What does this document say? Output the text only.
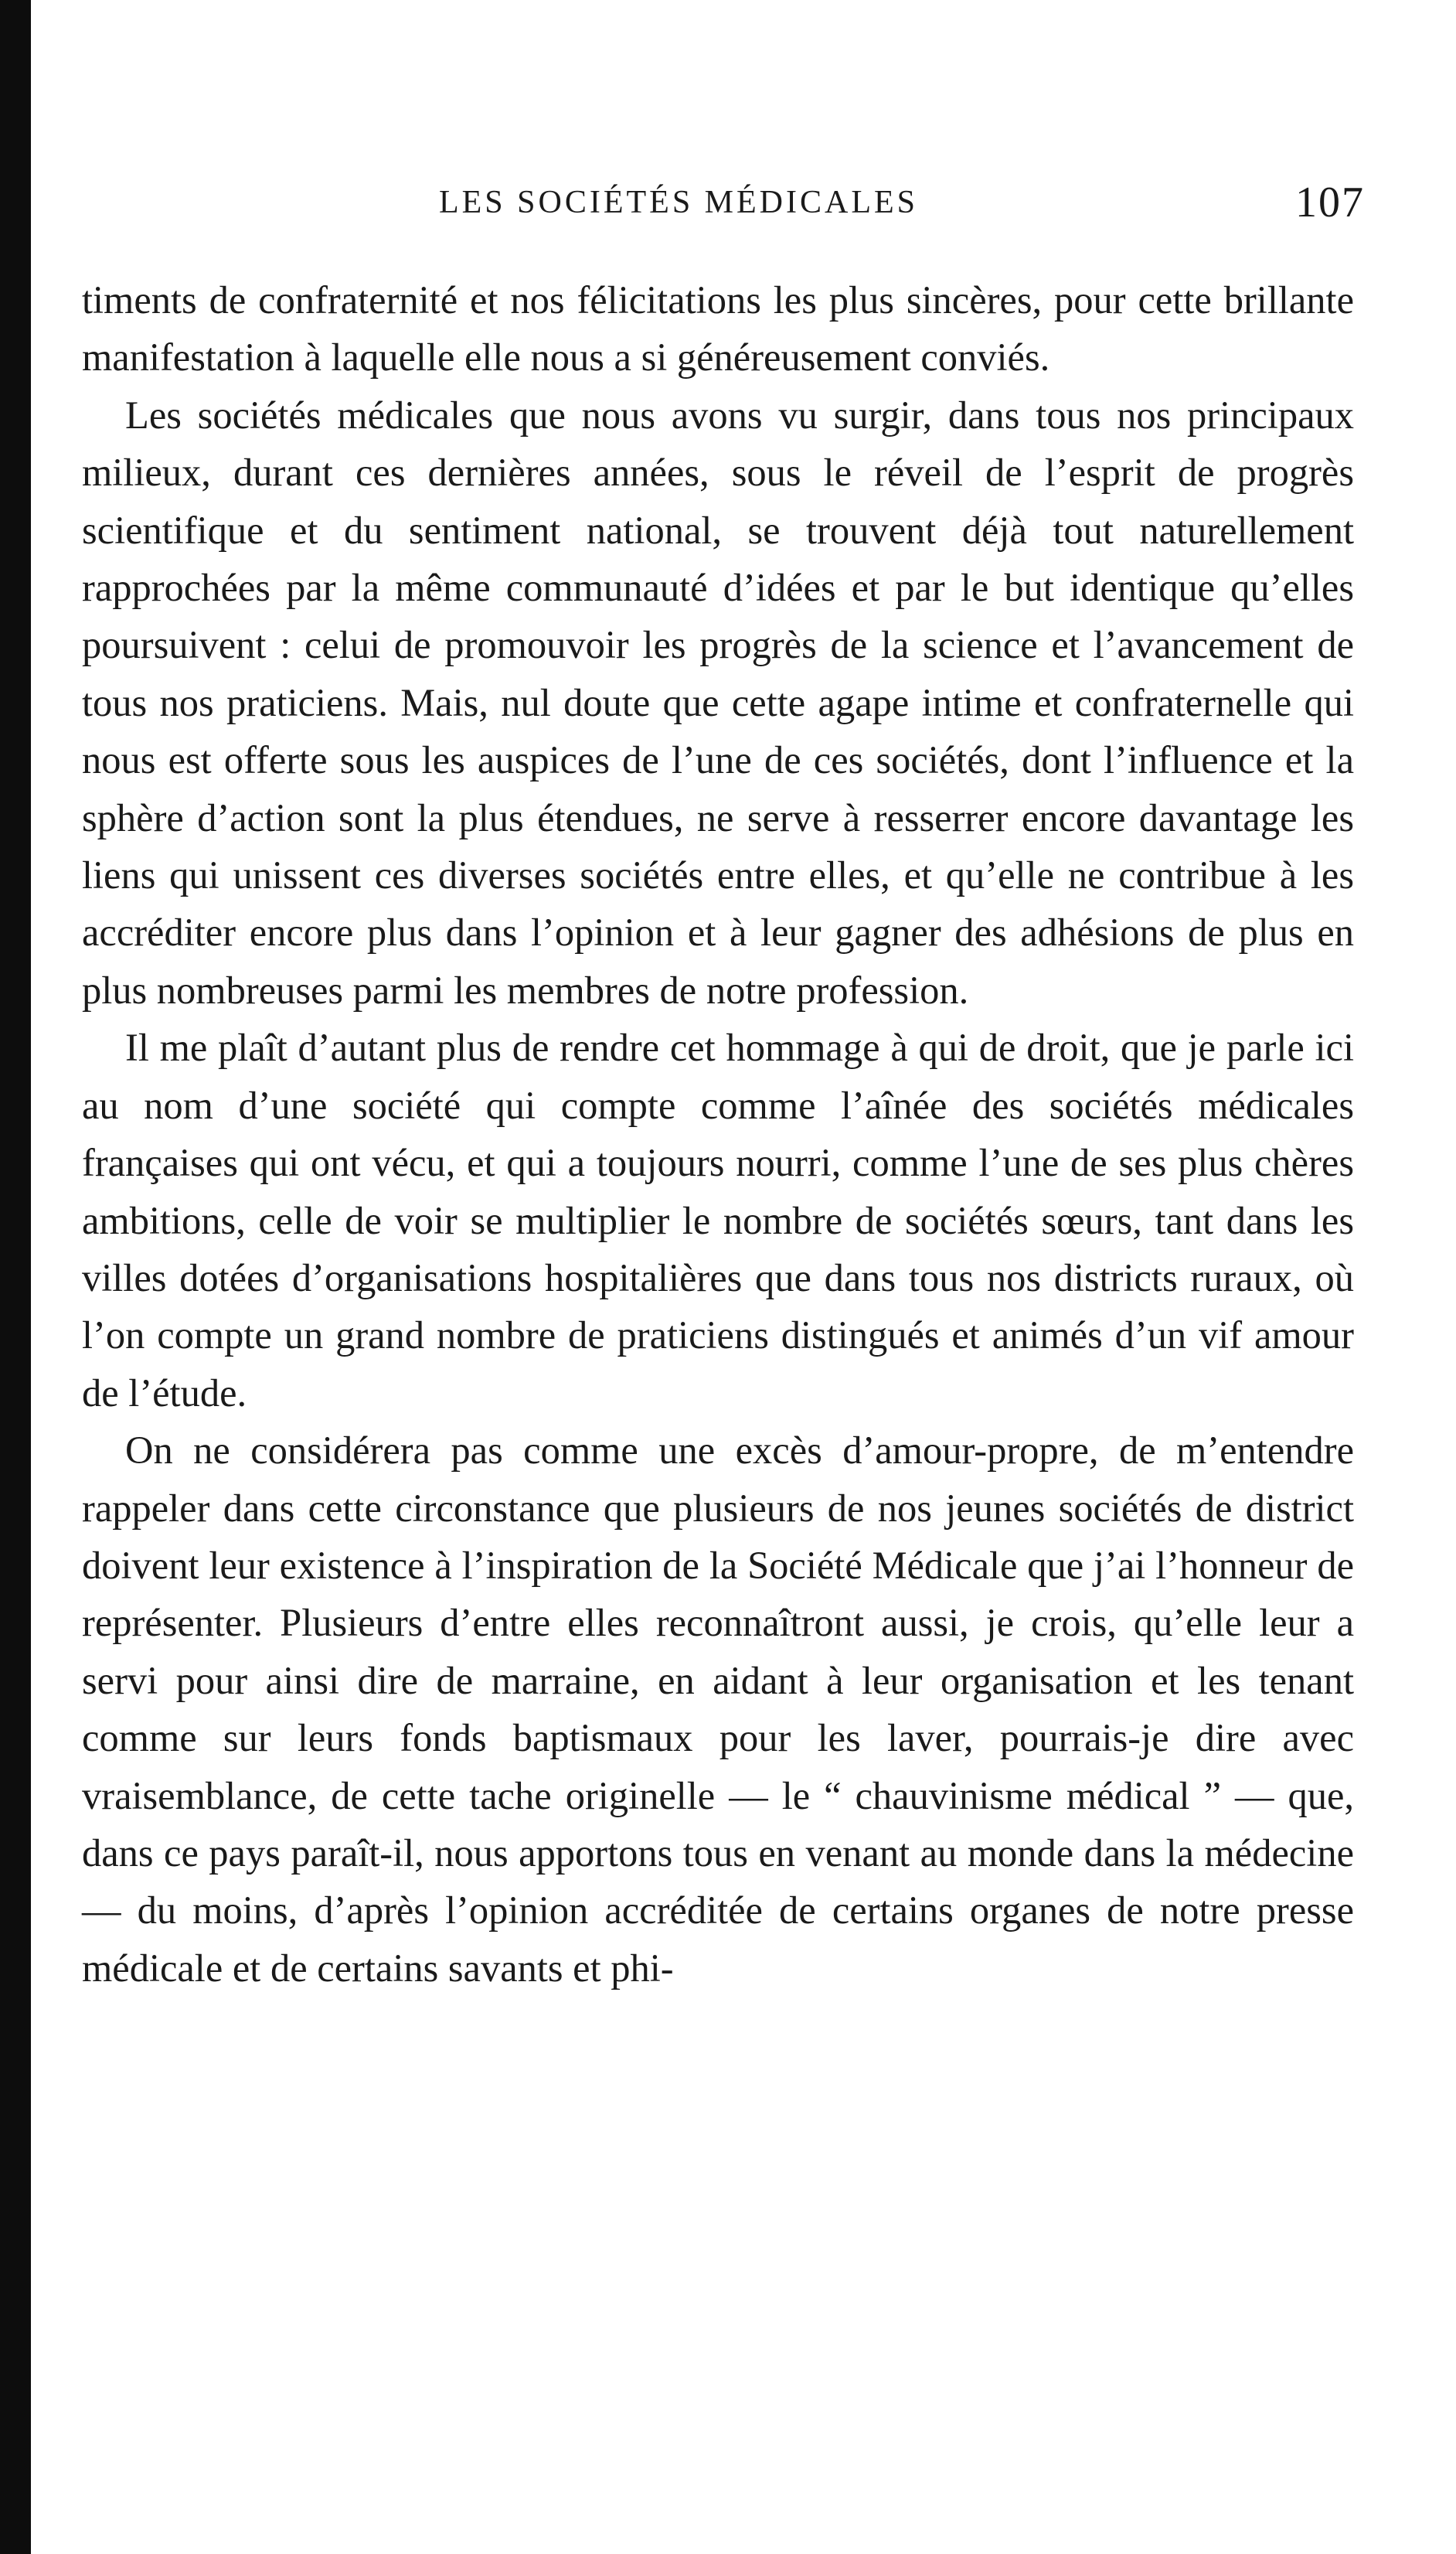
LES SOCIÉTÉS MÉDICALES	107

timents de confraternité et nos félicitations les plus sincères, pour cette brillante manifestation à laquelle elle nous a si généreusement conviés.

Les sociétés médicales que nous avons vu surgir, dans tous nos principaux milieux, durant ces dernières années, sous le réveil de l’esprit de progrès scientifique et du sentiment national, se trouvent déjà tout naturellement rapprochées par la même communauté d’idées et par le but identique qu’elles poursuivent : celui de promouvoir les progrès de la science et l’avancement de tous nos praticiens. Mais, nul doute que cette agape intime et confraternelle qui nous est offerte sous les auspices de l’une de ces sociétés, dont l’influence et la sphère d’action sont la plus étendues, ne serve à resserrer encore davantage les liens qui unissent ces diverses sociétés entre elles, et qu’elle ne contribue à les accréditer encore plus dans l’opinion et à leur gagner des adhésions de plus en plus nombreuses parmi les membres de notre profession.

Il me plaît d’autant plus de rendre cet hommage à qui de droit, que je parle ici au nom d’une société qui compte comme l’aînée des sociétés médicales françaises qui ont vécu, et qui a toujours nourri, comme l’une de ses plus chères ambitions, celle de voir se multiplier le nombre de sociétés sœurs, tant dans les villes dotées d’organisations hospitalières que dans tous nos districts ruraux, où l’on compte un grand nombre de praticiens distingués et animés d’un vif amour de l’étude.

On ne considérera pas comme une excès d’amour-propre, de m’entendre rappeler dans cette circonstance que plusieurs de nos jeunes sociétés de district doivent leur existence à l’inspiration de la Société Médicale que j’ai l’honneur de représenter. Plusieurs d’entre elles reconnaîtront aussi, je crois, qu’elle leur a servi pour ainsi dire de marraine, en aidant à leur organisation et les tenant comme sur leurs fonds baptismaux pour les laver, pourrais-je dire avec vraisemblance, de cette tache originelle — le “ chauvinisme médical ” — que, dans ce pays paraît-il, nous apportons tous en venant au monde dans la médecine — du moins, d’après l’opinion accréditée de certains organes de notre presse médicale et de certains savants et phi-
